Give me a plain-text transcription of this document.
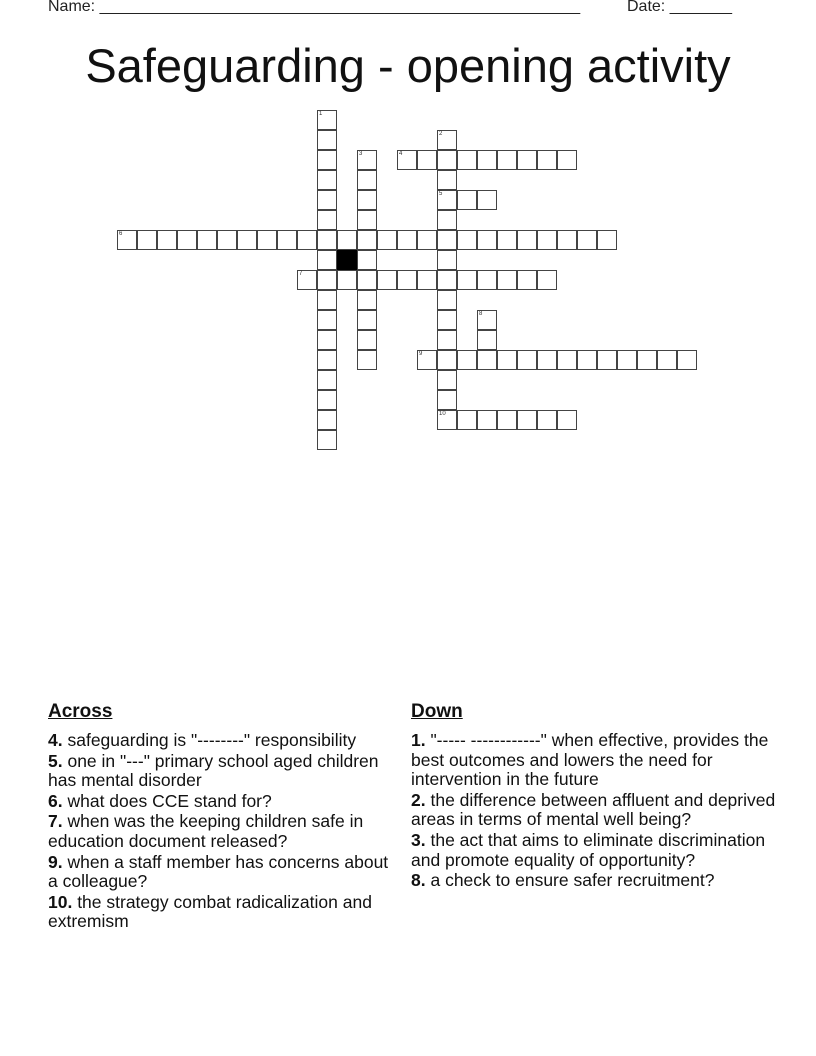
Name: ______________________________________________________	Date: _______
Safeguarding - opening activity
1
2
5
10
3	4
6
7
8
9
Across
4. safeguarding is "--------" responsibility
5. one in "---" primary school aged children has mental disorder
6. what does CCE stand for?
7. when was the keeping children safe in education document released?
9. when a staff member has concerns about a colleague?
10. the strategy combat radicalization and extremism
Down
1. "----- ------------" when effective, provides the best outcomes and lowers the need for intervention in the future
2. the difference between affluent and deprived areas in terms of mental well being?
3. the act that aims to eliminate discrimination and promote equality of opportunity?
8. a check to ensure safer recruitment?
